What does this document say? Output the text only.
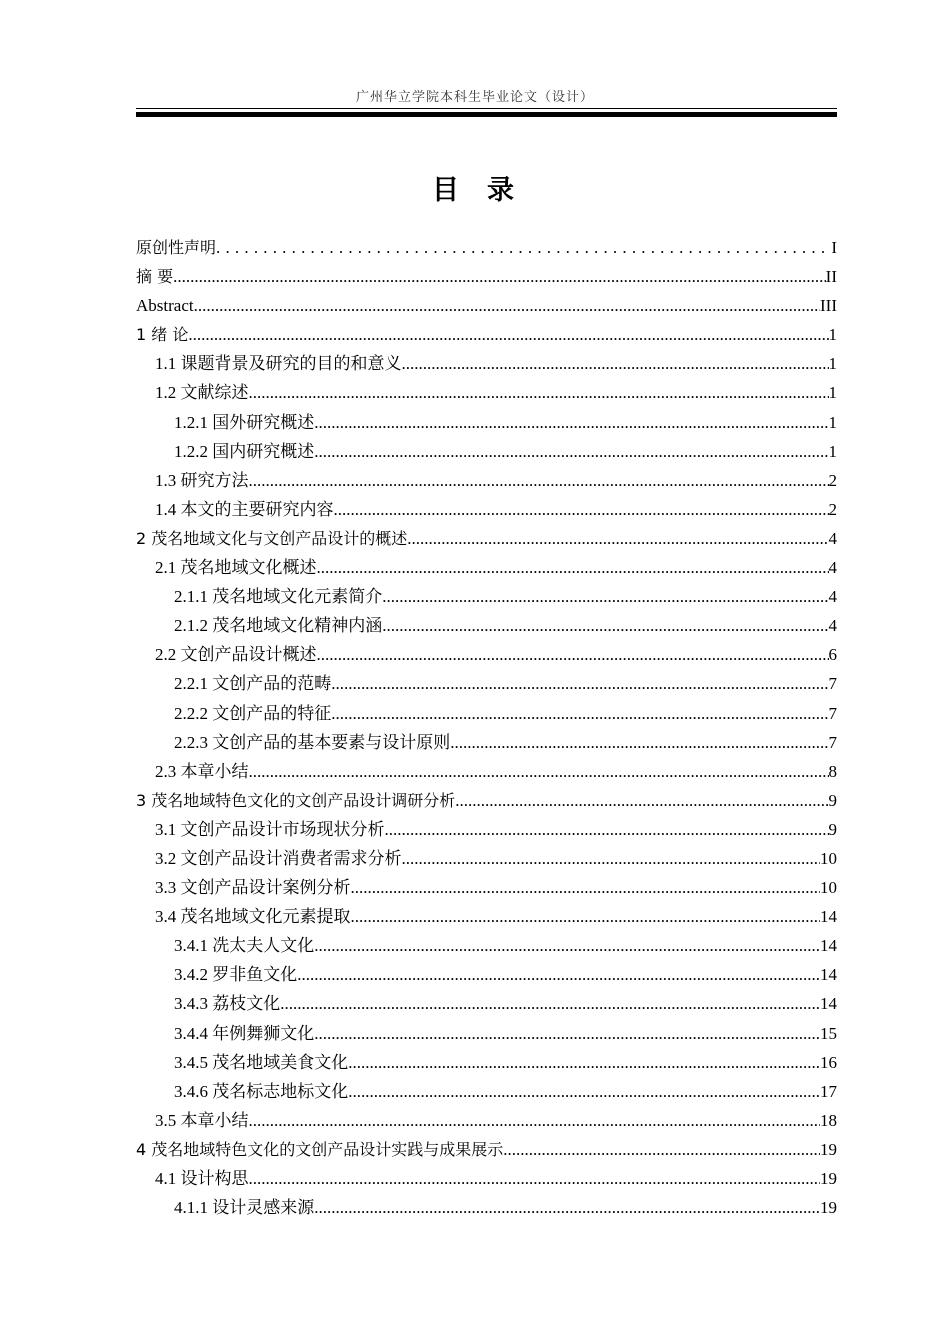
广州华立学院本科生毕业论文（设计）
目录
原创性声明 .....	I
摘 要 .....	II
Abstract .....	III
1 绪 论 .....	1
1.1 课题背景及研究的目的和意义 .....	1
1.2 文献综述 .....	1
1.2.1 国外研究概述 .....	1
1.2.2 国内研究概述 .....	1
1.3 研究方法 .....	2
1.4 本文的主要研究内容 .....	2
2 茂名地域文化与文创产品设计的概述 .....	4
2.1 茂名地域文化概述 .....	4
2.1.1 茂名地域文化元素简介 .....	4
2.1.2 茂名地域文化精神内涵 .....	4
2.2 文创产品设计概述 .....	6
2.2.1 文创产品的范畴 .....	7
2.2.2 文创产品的特征 .....	7
2.2.3 文创产品的基本要素与设计原则 .....	7
2.3 本章小结 .....	8
3 茂名地域特色文化的文创产品设计调研分析 .....	9
3.1 文创产品设计市场现状分析 .....	9
3.2 文创产品设计消费者需求分析 .....	10
3.3 文创产品设计案例分析 .....	10
3.4 茂名地域文化元素提取 .....	14
3.4.1 冼太夫人文化 .....	14
3.4.2 罗非鱼文化 .....	14
3.4.3 荔枝文化 .....	14
3.4.4 年例舞狮文化 .....	15
3.4.5 茂名地域美食文化 .....	16
3.4.6 茂名标志地标文化 .....	17
3.5 本章小结 .....	18
4 茂名地域特色文化的文创产品设计实践与成果展示 .....	19
4.1 设计构思 .....	19
4.1.1 设计灵感来源 .....	19
